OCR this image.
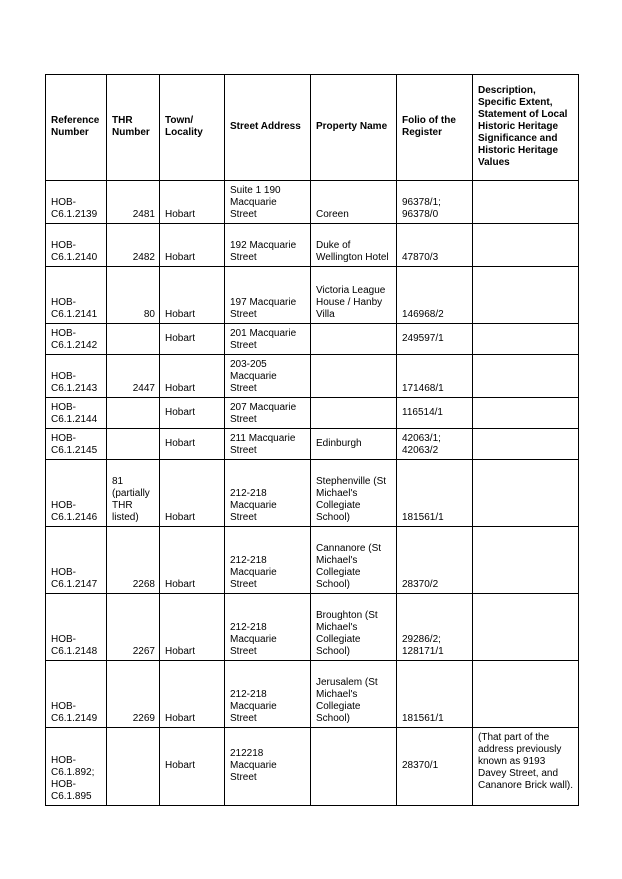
Reference Number	THR Number	Town/ Locality	Street Address	Property Name	Folio of the Register	Description, Specific Extent, Statement of Local Historic Heritage Significance and Historic Heritage Values
HOB-C6.1.2139	2481	Hobart	Suite 1 190 Macquarie Street	Coreen	96378/1; 96378/0	
HOB-C6.1.2140	2482	Hobart	192 Macquarie Street	Duke of Wellington Hotel	47870/3	
HOB-C6.1.2141	80	Hobart	197 Macquarie Street	Victoria League House / Hanby Villa	146968/2	
HOB-C6.1.2142		Hobart	201 Macquarie Street		249597/1	
HOB-C6.1.2143	2447	Hobart	203-205 Macquarie Street		171468/1	
HOB-C6.1.2144		Hobart	207 Macquarie Street		116514/1	
HOB-C6.1.2145		Hobart	211 Macquarie Street	Edinburgh	42063/1; 42063/2	
HOB-C6.1.2146	81 (partially THR listed)	Hobart	212-218 Macquarie Street	Stephenville (St Michael's Collegiate School)	181561/1	
HOB-C6.1.2147	2268	Hobart	212-218 Macquarie Street	Cannanore (St Michael's Collegiate School)	28370/2	
HOB-C6.1.2148	2267	Hobart	212-218 Macquarie Street	Broughton (St Michael's Collegiate School)	29286/2; 128171/1	
HOB-C6.1.2149	2269	Hobart	212-218 Macquarie Street	Jerusalem (St Michael's Collegiate School)	181561/1	
HOB-C6.1.892; HOB-C6.1.895		Hobart	212218 Macquarie Street		28370/1	(That part of the address previously known as 9193 Davey Street, and Cananore Brick wall).
